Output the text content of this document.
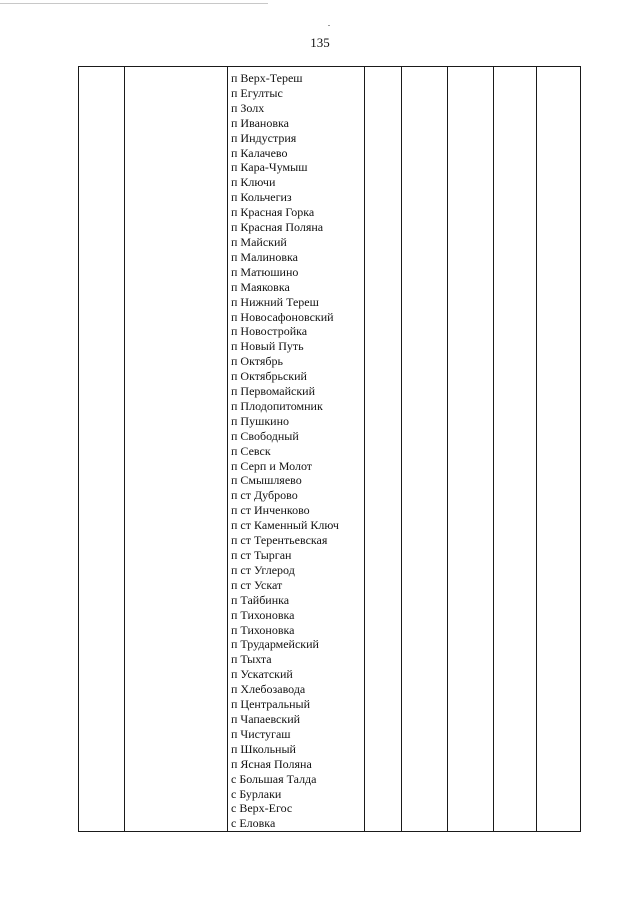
135
п Верх-Тереш
п Егултыс
п Золх
п Ивановка
п Индустрия
п Калачево
п Кара-Чумыш
п Ключи
п Кольчегиз
п Красная Горка
п Красная Поляна
п Майский
п Малиновка
п Матюшино
п Маяковка
п Нижний Тереш
п Новосафоновский
п Новостройка
п Новый Путь
п Октябрь
п Октябрьский
п Первомайский
п Плодопитомник
п Пушкино
п Свободный
п Севск
п Серп и Молот
п Смышляево
п ст Дуброво
п ст Инченково
п ст Каменный Ключ
п ст Терентьевская
п ст Тырган
п ст Углерод
п ст Ускат
п Тайбинка
п Тихоновка
п Тихоновка
п Трудармейский
п Тыхта
п Ускатский
п Хлебозавода
п Центральный
п Чапаевский
п Чистугаш
п Школьный
п Ясная Поляна
с Большая Талда
с Бурлаки
с Верх-Егос
с Еловка
